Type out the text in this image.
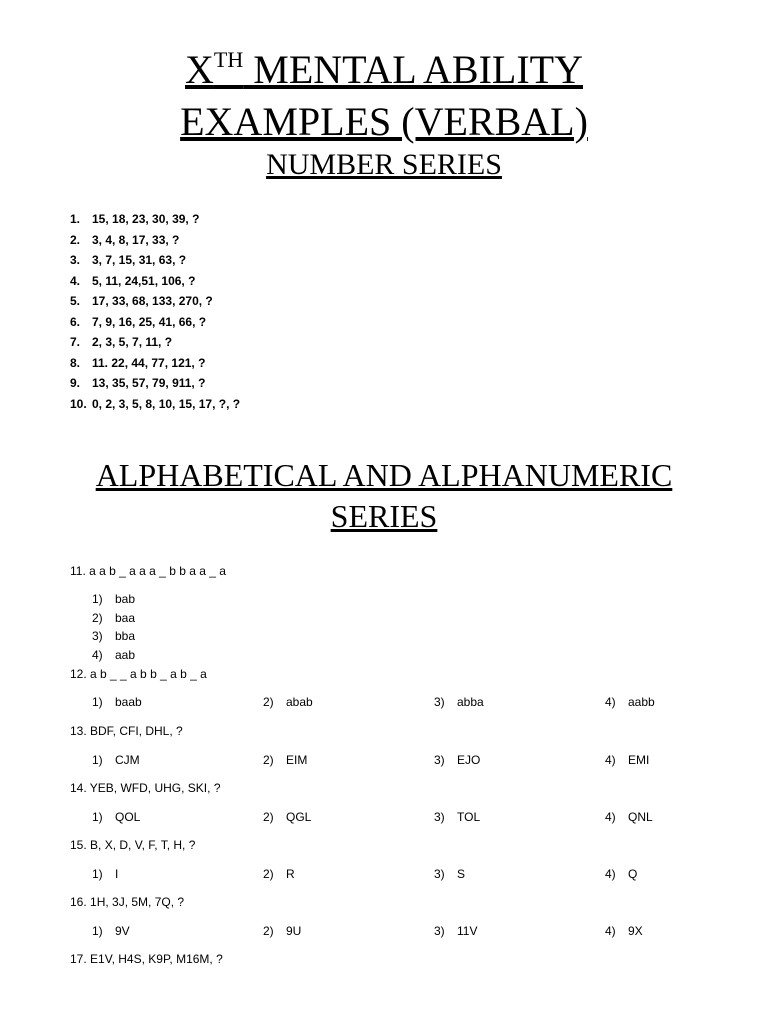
XTH MENTAL ABILITY
EXAMPLES (VERBAL)
NUMBER SERIES
1. 15, 18, 23, 30, 39, ?
2. 3, 4, 8, 17, 33, ?
3. 3, 7, 15, 31, 63, ?
4. 5, 11, 24,51, 106, ?
5. 17, 33, 68, 133, 270, ?
6. 7, 9, 16, 25, 41, 66, ?
7. 2, 3, 5, 7, 11, ?
8. 11. 22, 44, 77, 121, ?
9. 13, 35, 57, 79, 911, ?
10. 0, 2, 3, 5, 8, 10, 15, 17, ?, ?
ALPHABETICAL AND ALPHANUMERIC
SERIES
11. a a b _ a a a _ b b a a _ a
1) bab
2) baa
3) bba
4) aab
12. a b _ _ a b b _ a b _ a
1) baab	2) abab	3) abba	4) aabb
13. BDF, CFI, DHL, ?
1) CJM	2) EIM	3) EJO	4) EMI
14. YEB, WFD, UHG, SKI, ?
1) QOL	2) QGL	3) TOL	4) QNL
15. B, X, D, V, F, T, H, ?
1) I	2) R	3) S	4) Q
16. 1H, 3J, 5M, 7Q, ?
1) 9V	2) 9U	3) 11V	4) 9X
17. E1V, H4S, K9P, M16M, ?
